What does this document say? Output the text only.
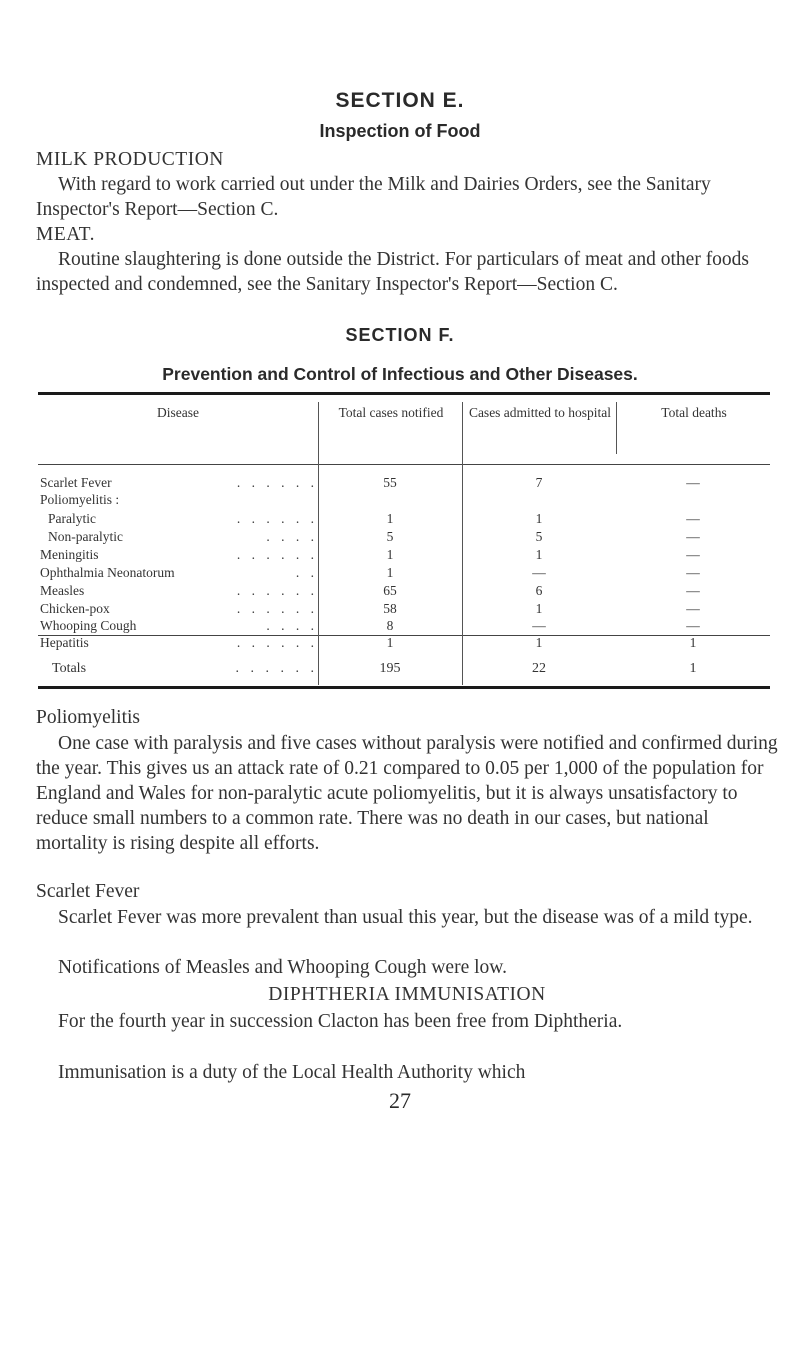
SECTION E.
Inspection of Food
MILK PRODUCTION
With regard to work carried out under the Milk and Dairies Orders, see the Sanitary Inspector's Report—Section C.
MEAT.
Routine slaughtering is done outside the District. For particulars of meat and other foods inspected and condemned, see the Sanitary Inspector's Report—Section C.
SECTION F.
Prevention and Control of Infectious and Other Diseases.
Disease	Total cases notified	Cases admitted to hospital	Total deaths
Scarlet Fever	. . . . . .	55	7	—
Poliomyelitis :
Paralytic	. . . . . .	1	1	—
Non-paralytic	. . . .	5	5	—
Meningitis	. . . . . .	1	1	—
Ophthalmia Neonatorum	. .	1	—	—
Measles	. . . . . .	65	6	—
Chicken-pox	. . . . . .	58	1	—
Whooping Cough	. . . .	8	—	—
Hepatitis	. . . . . .	1	1	1
Totals	. . . . . .	195	22	1
Poliomyelitis
One case with paralysis and five cases without paralysis were notified and confirmed during the year. This gives us an attack rate of 0.21 compared to 0.05 per 1,000 of the population for England and Wales for non-paralytic acute poliomyelitis, but it is always unsatisfactory to reduce small numbers to a common rate. There was no death in our cases, but national mortality is rising despite all efforts.
Scarlet Fever
Scarlet Fever was more prevalent than usual this year, but the disease was of a mild type.
Notifications of Measles and Whooping Cough were low.
DIPHTHERIA IMMUNISATION
For the fourth year in succession Clacton has been free from Diphtheria.
Immunisation is a duty of the Local Health Authority which
27
